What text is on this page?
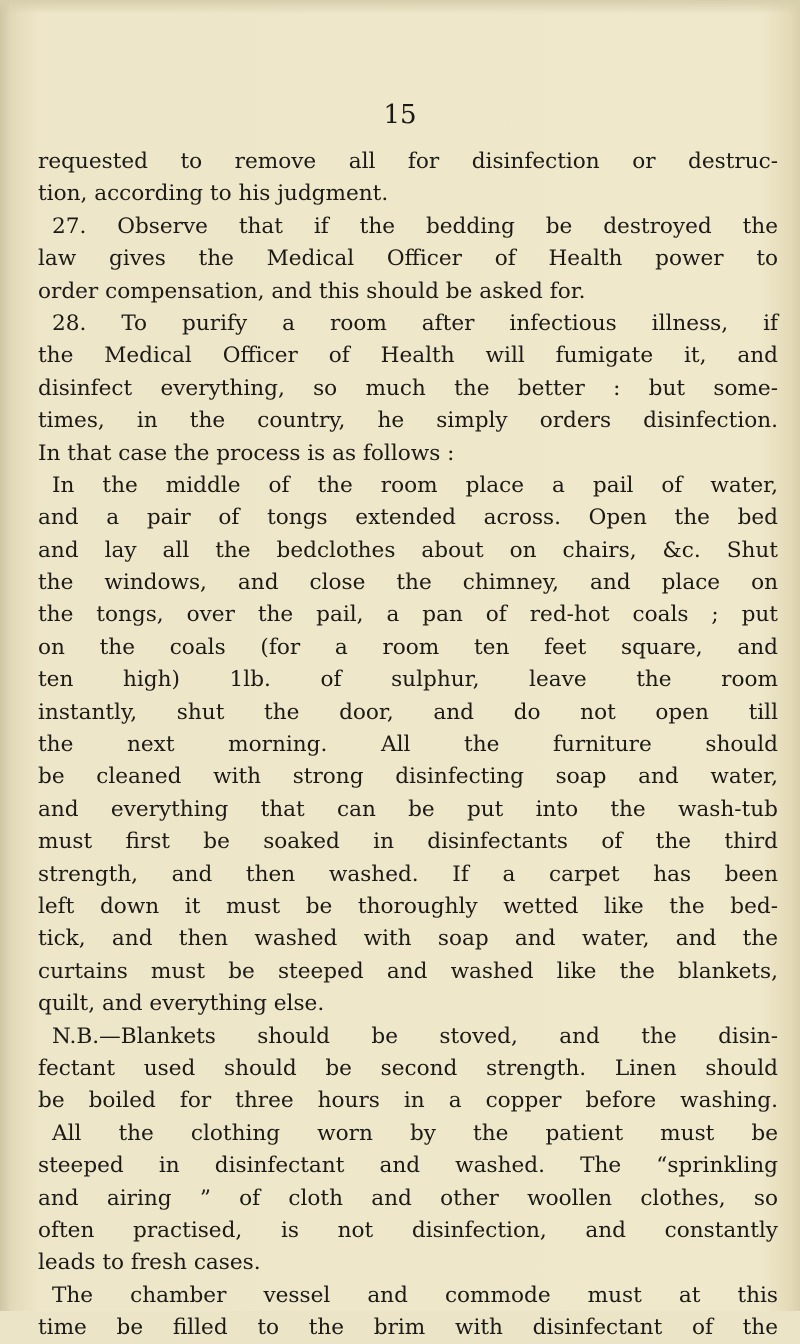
15
requested to remove all for disinfection or destruc-
tion, according to his judgment.
27. Observe that if the bedding be destroyed the
law gives the Medical Officer of Health power to
order compensation, and this should be asked for.
28. To purify a room after infectious illness, if
the Medical Officer of Health will fumigate it, and
disinfect everything, so much the better : but some-
times, in the country, he simply orders disinfection.
In that case the process is as follows :
In the middle of the room place a pail of water,
and a pair of tongs extended across. Open the bed
and lay all the bedclothes about on chairs, &c. Shut
the windows, and close the chimney, and place on
the tongs, over the pail, a pan of red-hot coals ; put
on the coals (for a room ten feet square, and
ten high) 1lb. of sulphur, leave the room
instantly, shut the door, and do not open till
the next morning. All the furniture should
be cleaned with strong disinfecting soap and water,
and everything that can be put into the wash-tub
must first be soaked in disinfectants of the third
strength, and then washed. If a carpet has been
left down it must be thoroughly wetted like the bed-
tick, and then washed with soap and water, and the
curtains must be steeped and washed like the blankets,
quilt, and everything else.
N.B.—Blankets should be stoved, and the disin-
fectant used should be second strength. Linen should
be boiled for three hours in a copper before washing.
All the clothing worn by the patient must be
steeped in disinfectant and washed. The “sprinkling
and airing ” of cloth and other woollen clothes, so
often practised, is not disinfection, and constantly
leads to fresh cases.
The chamber vessel and commode must at this
time be filled to the brim with disinfectant of the
